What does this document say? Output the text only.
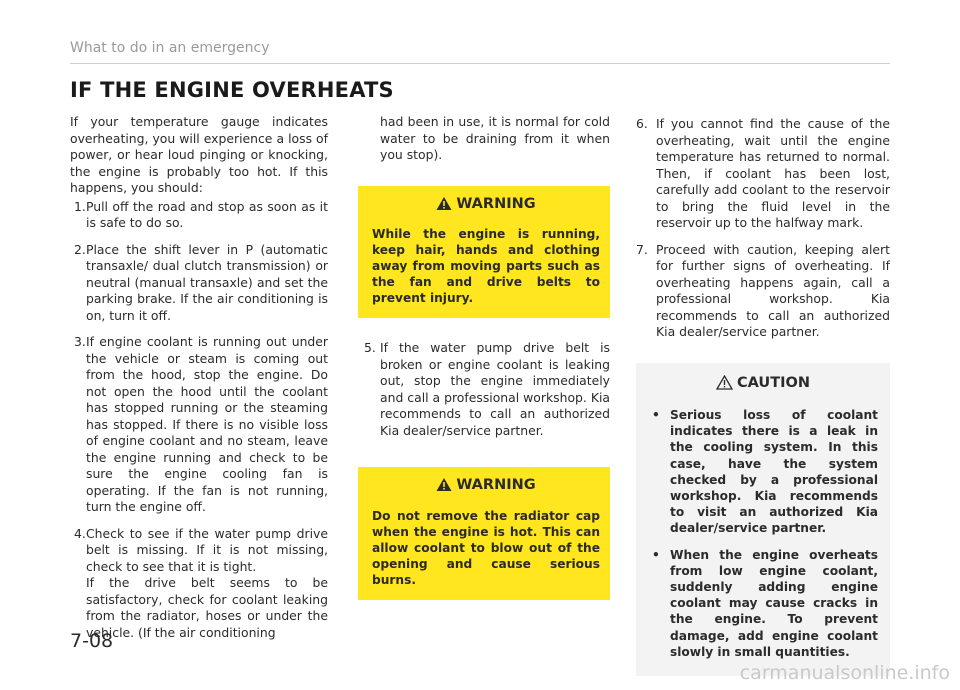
What to do in an emergency
IF THE ENGINE OVERHEATS

If your temperature gauge indicates overheating, you will experience a loss of power, or hear loud pinging or knocking, the engine is probably too hot. If this happens, you should:

1. Pull off the road and stop as soon as it is safe to do so.
2. Place the shift lever in P (automatic transaxle/ dual clutch transmission) or neutral (manual transaxle) and set the parking brake. If the air conditioning is on, turn it off.
3. If engine coolant is running out under the vehicle or steam is coming out from the hood, stop the engine. Do not open the hood until the coolant has stopped running or the steaming has stopped. If there is no visible loss of engine coolant and no steam, leave the engine running and check to be sure the engine cooling fan is operating. If the fan is not running, turn the engine off.
4. Check to see if the water pump drive belt is missing. If it is not missing, check to see that it is tight.
If the drive belt seems to be satisfactory, check for coolant leaking from the radiator, hoses or under the vehicle. (If the air conditioning

had been in use, it is normal for cold water to be draining from it when you stop).

WARNING

While the engine is running, keep hair, hands and clothing away from moving parts such as the fan and drive belts to prevent injury.

5. If the water pump drive belt is broken or engine coolant is leaking out, stop the engine immediately and call a professional workshop. Kia recommends to call an authorized Kia dealer/service partner.
WARNING

Do not remove the radiator cap when the engine is hot. This can allow coolant to blow out of the opening and cause serious burns.

6. If you cannot find the cause of the overheating, wait until the engine temperature has returned to normal. Then, if coolant has been lost, carefully add coolant to the reservoir to bring the fluid level in the reservoir up to the halfway mark.
7. Proceed with caution, keeping alert for further signs of overheating. If overheating happens again, call a professional workshop. Kia recommends to call an authorized Kia dealer/service partner.
CAUTION
• Serious loss of coolant indicates there is a leak in the cooling system. In this case, have the system checked by a professional workshop. Kia recommends to visit an authorized Kia dealer/service partner.
• When the engine overheats from low engine coolant, suddenly adding engine coolant may cause cracks in the engine. To prevent damage, add engine coolant slowly in small quantities.
7-08
carmanualsonline.info
